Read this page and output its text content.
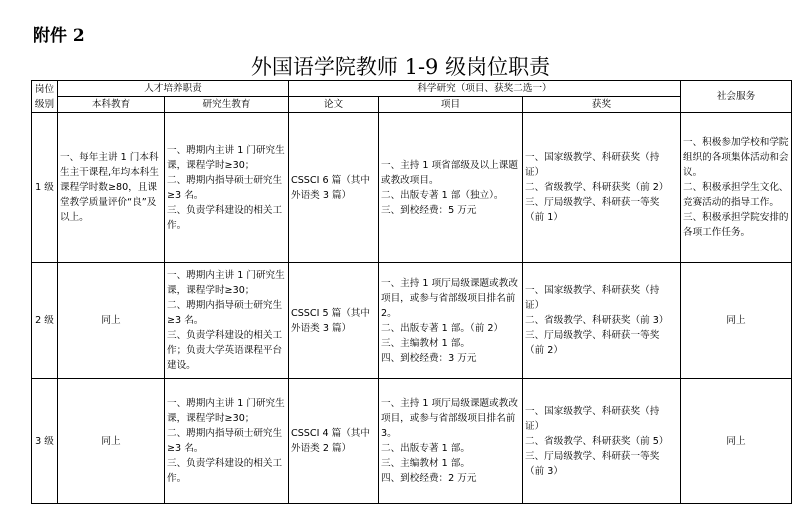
附件 2
外国语学院教师 1-9 级岗位职责
岗位
级别	人才培养职责		科学研究（项目、获奖二选一）			社会服务
	本科教育	研究生教育	论文	项目	获奖	
1 级	一、每年主讲 1 门本科生主干课程,年均本科生课程学时数≥80，且课堂教学质量评价“良”及以上。	一、聘期内主讲 1 门研究生课，课程学时≥30；
二、聘期内指导硕士研究生≥3 名。
三、负责学科建设的相关工作。	CSSCI 6 篇（其中外语类 3 篇）	一、主持 1 项省部级及以上课题或教改项目。
二、出版专著 1 部（独立）。
三、到校经费：5 万元	一、国家级教学、科研获奖（持证）
二、省级教学、科研获奖（前 2）
三、厅局级教学、科研获一等奖（前 1）	一、积极参加学校和学院组织的各项集体活动和会议。
二、积极承担学生文化、竞赛活动的指导工作。
三、积极承担学院安排的各项工作任务。
2 级	同上	一、聘期内主讲 1 门研究生课，课程学时≥30；
二、聘期内指导硕士研究生≥3 名。
三、负责学科建设的相关工作；负责大学英语课程平台建设。	CSSCI 5 篇（其中外语类 3 篇）	一、主持 1 项厅局级课题或教改项目，或参与省部级项目排名前 2。
二、出版专著 1 部。（前 2）
三、主编教材 1 部。
四、到校经费：3 万元	一、国家级教学、科研获奖（持证）
二、省级教学、科研获奖（前 3）
三、厅局级教学、科研获一等奖（前 2）	同上
3 级	同上	一、聘期内主讲 1 门研究生课，课程学时≥30；
二、聘期内指导硕士研究生≥3 名。
三、负责学科建设的相关工作。	CSSCI 4 篇（其中外语类 2 篇）	一、主持 1 项厅局级课题或教改项目，或参与省部级项目排名前 3。
二、出版专著 1 部。
三、主编教材 1 部。
四、到校经费：2 万元	一、国家级教学、科研获奖（持证）
二、省级教学、科研获奖（前 5）
三、厅局级教学、科研获一等奖（前 3）	同上
